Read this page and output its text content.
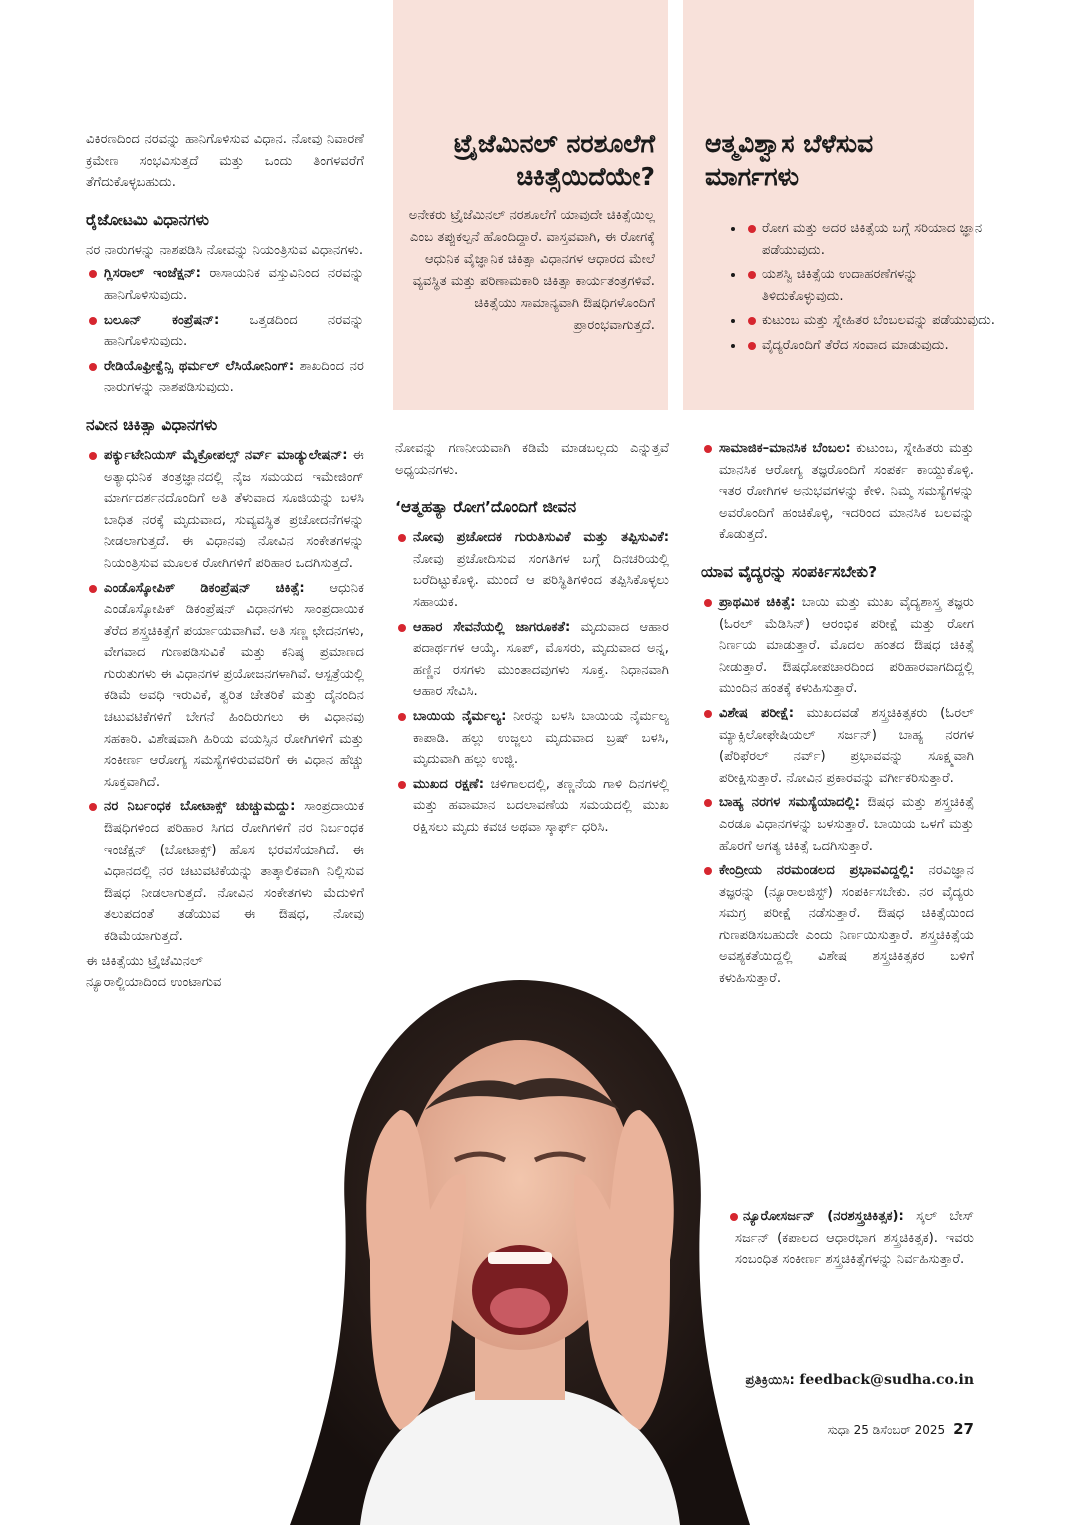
ಟ್ರೈಜೆಮಿನಲ್ ನರಶೂಲೆಗೆ ಚಿಕಿತ್ಸೆಯಿದೆಯೇ?

ಅನೇಕರು ಟ್ರೈಜೆಮಿನಲ್ ನರಶೂಲೆಗೆ ಯಾವುದೇ ಚಿಕಿತ್ಸೆಯಿಲ್ಲ ಎಂಬ ತಪ್ಪುಕಲ್ಪನೆ ಹೊಂದಿದ್ದಾರೆ. ವಾಸ್ತವವಾಗಿ, ಈ ರೋಗಕ್ಕೆ ಆಧುನಿಕ ವೈಜ್ಞಾನಿಕ ಚಿಕಿತ್ಸಾ ವಿಧಾನಗಳ ಆಧಾರದ ಮೇಲೆ ವ್ಯವಸ್ಥಿತ ಮತ್ತು ಪರಿಣಾಮಕಾರಿ ಚಿಕಿತ್ಸಾ ಕಾರ್ಯತಂತ್ರಗಳಿವೆ. ಚಿಕಿತ್ಸೆಯು ಸಾಮಾನ್ಯವಾಗಿ ಔಷಧಿಗಳೊಂದಿಗೆ ಪ್ರಾರಂಭವಾಗುತ್ತದೆ.

ಆತ್ಮವಿಶ್ವಾಸ ಬೆಳೆಸುವ ಮಾರ್ಗಗಳು
• ರೋಗ ಮತ್ತು ಅದರ ಚಿಕಿತ್ಸೆಯ ಬಗ್ಗೆ ಸರಿಯಾದ ಜ್ಞಾನ ಪಡೆಯುವುದು.
• ಯಶಸ್ವಿ ಚಿಕಿತ್ಸೆಯ ಉದಾಹರಣೆಗಳನ್ನು ತಿಳಿದುಕೊಳ್ಳುವುದು.
• ಕುಟುಂಬ ಮತ್ತು ಸ್ನೇಹಿತರ ಬೆಂಬಲವನ್ನು ಪಡೆಯುವುದು.
• ವೈದ್ಯರೊಂದಿಗೆ ತೆರೆದ ಸಂವಾದ ಮಾಡುವುದು.

ವಿಕಿರಣದಿಂದ ನರವನ್ನು ಹಾನಿಗೊಳಿಸುವ ವಿಧಾನ. ನೋವು ನಿವಾರಣೆ ಕ್ರಮೇಣ ಸಂಭವಿಸುತ್ತದೆ ಮತ್ತು ಒಂದು ತಿಂಗಳವರೆಗೆ ತೆಗೆದುಕೊಳ್ಳಬಹುದು.

ರೈಜೋಟಮಿ ವಿಧಾನಗಳು

ನರ ನಾರುಗಳನ್ನು ನಾಶಪಡಿಸಿ ನೋವನ್ನು ನಿಯಂತ್ರಿಸುವ ವಿಧಾನಗಳು.

ಗ್ಲಿಸರಾಲ್ ಇಂಜೆಕ್ಷನ್: ರಾಸಾಯನಿಕ ವಸ್ತುವಿನಿಂದ ನರವನ್ನು ಹಾನಿಗೊಳಿಸುವುದು.
ಬಲೂನ್ ಕಂಪ್ರೆಷನ್: ಒತ್ತಡದಿಂದ ನರವನ್ನು ಹಾನಿಗೊಳಿಸುವುದು.
ರೇಡಿಯೊಫ್ರೀಕ್ವೆನ್ಸಿ ಥರ್ಮಲ್ ಲೆಸಿಯೋನಿಂಗ್: ಶಾಖದಿಂದ ನರ ನಾರುಗಳನ್ನು ನಾಶಪಡಿಸುವುದು.
ನವೀನ ಚಿಕಿತ್ಸಾ ವಿಧಾನಗಳು
ಪರ್ಕ್ಯುಟೇನಿಯಸ್ ಮೈಕ್ರೋಪಲ್ಸ್ ನರ್ವ್ ಮಾಡ್ಯುಲೇಷನ್: ಈ ಅತ್ಯಾಧುನಿಕ ತಂತ್ರಜ್ಞಾನದಲ್ಲಿ ನೈಜ ಸಮಯದ ಇಮೇಜಿಂಗ್ ಮಾರ್ಗದರ್ಶನದೊಂದಿಗೆ ಅತಿ ತೆಳುವಾದ ಸೂಜಿಯನ್ನು ಬಳಸಿ ಬಾಧಿತ ನರಕ್ಕೆ ಮೃದುವಾದ, ಸುವ್ಯವಸ್ಥಿತ ಪ್ರಚೋದನೆಗಳನ್ನು ನೀಡಲಾಗುತ್ತದೆ. ಈ ವಿಧಾನವು ನೋವಿನ ಸಂಕೇತಗಳನ್ನು ನಿಯಂತ್ರಿಸುವ ಮೂಲಕ ರೋಗಿಗಳಿಗೆ ಪರಿಹಾರ ಒದಗಿಸುತ್ತದೆ.
ಎಂಡೊಸ್ಕೋಪಿಕ್ ಡಿಕಂಪ್ರೆಷನ್ ಚಿಕಿತ್ಸೆ: ಆಧುನಿಕ ಎಂಡೊಸ್ಕೋಪಿಕ್ ಡಿಕಂಪ್ರೆಷನ್ ವಿಧಾನಗಳು ಸಾಂಪ್ರದಾಯಿಕ ತೆರೆದ ಶಸ್ತ್ರಚಿಕಿತ್ಸೆಗೆ ಪರ್ಯಾಯವಾಗಿವೆ. ಅತಿ ಸಣ್ಣ ಛೇದನಗಳು, ವೇಗವಾದ ಗುಣಪಡಿಸುವಿಕೆ ಮತ್ತು ಕನಿಷ್ಠ ಪ್ರಮಾಣದ ಗುರುತುಗಳು ಈ ವಿಧಾನಗಳ ಪ್ರಯೋಜನಗಳಾಗಿವೆ. ಆಸ್ಪತ್ರೆಯಲ್ಲಿ ಕಡಿಮೆ ಅವಧಿ ಇರುವಿಕೆ, ತ್ವರಿತ ಚೇತರಿಕೆ ಮತ್ತು ದೈನಂದಿನ ಚಟುವಟಿಕೆಗಳಿಗೆ ಬೇಗನೆ ಹಿಂದಿರುಗಲು ಈ ವಿಧಾನವು ಸಹಕಾರಿ. ವಿಶೇಷವಾಗಿ ಹಿರಿಯ ವಯಸ್ಸಿನ ರೋಗಿಗಳಿಗೆ ಮತ್ತು ಸಂಕೀರ್ಣ ಆರೋಗ್ಯ ಸಮಸ್ಯೆಗಳಿರುವವರಿಗೆ ಈ ವಿಧಾನ ಹೆಚ್ಚು ಸೂಕ್ತವಾಗಿದೆ.
ನರ ನಿರ್ಬಂಧಕ ಬೋಟಾಕ್ಸ್ ಚುಚ್ಚುಮದ್ದು: ಸಾಂಪ್ರದಾಯಿಕ ಔಷಧಿಗಳಿಂದ ಪರಿಹಾರ ಸಿಗದ ರೋಗಿಗಳಿಗೆ ನರ ನಿರ್ಬಂಧಕ ಇಂಜೆಕ್ಷನ್ (ಬೋಟಾಕ್ಸ್) ಹೊಸ ಭರವಸೆಯಾಗಿದೆ. ಈ ವಿಧಾನದಲ್ಲಿ ನರ ಚಟುವಟಿಕೆಯನ್ನು ತಾತ್ಕಾಲಿಕವಾಗಿ ನಿಲ್ಲಿಸುವ ಔಷಧ ನೀಡಲಾಗುತ್ತದೆ. ನೋವಿನ ಸಂಕೇತಗಳು ಮೆದುಳಿಗೆ ತಲುಪದಂತೆ ತಡೆಯುವ ಈ ಔಷಧ, ನೋವು ಕಡಿಮೆಯಾಗುತ್ತದೆ.

ಈ ಚಿಕಿತ್ಸೆಯು ಟ್ರೈಜೆಮಿನಲ್ ನ್ಯೂರಾಲ್ಜಿಯಾದಿಂದ ಉಂಟಾಗುವ

ನೋವನ್ನು ಗಣನೀಯವಾಗಿ ಕಡಿಮೆ ಮಾಡಬಲ್ಲದು ಎನ್ನುತ್ತವೆ ಅಧ್ಯಯನಗಳು.

‘ಆತ್ಮಹತ್ಯಾ ರೋಗ’ದೊಂದಿಗೆ ಜೀವನ
ನೋವು ಪ್ರಚೋದಕ ಗುರುತಿಸುವಿಕೆ ಮತ್ತು ತಪ್ಪಿಸುವಿಕೆ: ನೋವು ಪ್ರಚೋದಿಸುವ ಸಂಗತಿಗಳ ಬಗ್ಗೆ ದಿನಚರಿಯಲ್ಲಿ ಬರೆದಿಟ್ಟುಕೊಳ್ಳಿ. ಮುಂದೆ ಆ ಪರಿಸ್ಥಿತಿಗಳಿಂದ ತಪ್ಪಿಸಿಕೊಳ್ಳಲು ಸಹಾಯಕ.
ಆಹಾರ ಸೇವನೆಯಲ್ಲಿ ಜಾಗರೂಕತೆ: ಮೃದುವಾದ ಆಹಾರ ಪದಾರ್ಥಗಳ ಆಯ್ಕೆ. ಸೂಪ್, ಮೊಸರು, ಮೃದುವಾದ ಅನ್ನ, ಹಣ್ಣಿನ ರಸಗಳು ಮುಂತಾದವುಗಳು ಸೂಕ್ತ. ನಿಧಾನವಾಗಿ ಆಹಾರ ಸೇವಿಸಿ.
ಬಾಯಿಯ ನೈರ್ಮಲ್ಯ: ನೀರನ್ನು ಬಳಸಿ ಬಾಯಿಯ ನೈರ್ಮಲ್ಯ ಕಾಪಾಡಿ. ಹಲ್ಲು ಉಜ್ಜಲು ಮೃದುವಾದ ಬ್ರಷ್ ಬಳಸಿ, ಮೃದುವಾಗಿ ಹಲ್ಲು ಉಜ್ಜಿ.
ಮುಖದ ರಕ್ಷಣೆ: ಚಳಿಗಾಲದಲ್ಲಿ, ತಣ್ಣನೆಯ ಗಾಳಿ ದಿನಗಳಲ್ಲಿ ಮತ್ತು ಹವಾಮಾನ ಬದಲಾವಣೆಯ ಸಮಯದಲ್ಲಿ ಮುಖ ರಕ್ಷಿಸಲು ಮೃದು ಕವಚ ಅಥವಾ ಸ್ಕಾರ್ಫ್ ಧರಿಸಿ.
ಸಾಮಾಜಿಕ–ಮಾನಸಿಕ ಬೆಂಬಲ: ಕುಟುಂಬ, ಸ್ನೇಹಿತರು ಮತ್ತು ಮಾನಸಿಕ ಆರೋಗ್ಯ ತಜ್ಞರೊಂದಿಗೆ ಸಂಪರ್ಕ ಕಾಯ್ದುಕೊಳ್ಳಿ. ಇತರ ರೋಗಿಗಳ ಅನುಭವಗಳನ್ನು ಕೇಳಿ. ನಿಮ್ಮ ಸಮಸ್ಯೆಗಳನ್ನು ಅವರೊಂದಿಗೆ ಹಂಚಿಕೊಳ್ಳಿ, ಇದರಿಂದ ಮಾನಸಿಕ ಬಲವನ್ನು ಕೊಡುತ್ತದೆ.
ಯಾವ ವೈದ್ಯರನ್ನು ಸಂಪರ್ಕಿಸಬೇಕು?
ಪ್ರಾಥಮಿಕ ಚಿಕಿತ್ಸೆ: ಬಾಯಿ ಮತ್ತು ಮುಖ ವೈದ್ಯಶಾಸ್ತ್ರ ತಜ್ಞರು (ಓರಲ್ ಮೆಡಿಸಿನ್) ಆರಂಭಿಕ ಪರೀಕ್ಷೆ ಮತ್ತು ರೋಗ ನಿರ್ಣಯ ಮಾಡುತ್ತಾರೆ. ಮೊದಲ ಹಂತದ ಔಷಧ ಚಿಕಿತ್ಸೆ ನೀಡುತ್ತಾರೆ. ಔಷಧೋಪಚಾರದಿಂದ ಪರಿಹಾರವಾಗದಿದ್ದಲ್ಲಿ ಮುಂದಿನ ಹಂತಕ್ಕೆ ಕಳುಹಿಸುತ್ತಾರೆ.
ವಿಶೇಷ ಪರೀಕ್ಷೆ: ಮುಖದವಡೆ ಶಸ್ತ್ರಚಿಕಿತ್ಸಕರು (ಓರಲ್ ಮ್ಯಾಕ್ಸಿಲೋಫೇಷಿಯಲ್ ಸರ್ಜನ್) ಬಾಹ್ಯ ನರಗಳ (ಪೆರಿಫೆರಲ್ ನರ್ವ್) ಪ್ರಭಾವವನ್ನು ಸೂಕ್ಷ್ಮವಾಗಿ ಪರೀಕ್ಷಿಸುತ್ತಾರೆ. ನೋವಿನ ಪ್ರಕಾರವನ್ನು ವರ್ಗೀಕರಿಸುತ್ತಾರೆ.
ಬಾಹ್ಯ ನರಗಳ ಸಮಸ್ಯೆಯಾದಲ್ಲಿ: ಔಷಧ ಮತ್ತು ಶಸ್ತ್ರಚಿಕಿತ್ಸೆ ಎರಡೂ ವಿಧಾನಗಳನ್ನು ಬಳಸುತ್ತಾರೆ. ಬಾಯಿಯ ಒಳಗೆ ಮತ್ತು ಹೊರಗೆ ಅಗತ್ಯ ಚಿಕಿತ್ಸೆ ಒದಗಿಸುತ್ತಾರೆ.
ಕೇಂದ್ರೀಯ ನರಮಂಡಲದ ಪ್ರಭಾವವಿದ್ದಲ್ಲಿ: ನರವಿಜ್ಞಾನ ತಜ್ಞರನ್ನು (ನ್ಯೂರಾಲಜಿಸ್ಟ್) ಸಂಪರ್ಕಿಸಬೇಕು. ನರ ವೈದ್ಯರು ಸಮಗ್ರ ಪರೀಕ್ಷೆ ನಡೆಸುತ್ತಾರೆ. ಔಷಧ ಚಿಕಿತ್ಸೆಯಿಂದ ಗುಣಪಡಿಸಬಹುದೇ ಎಂದು ನಿರ್ಣಯಿಸುತ್ತಾರೆ. ಶಸ್ತ್ರಚಿಕಿತ್ಸೆಯ ಅವಶ್ಯಕತೆಯಿದ್ದಲ್ಲಿ ವಿಶೇಷ ಶಸ್ತ್ರಚಿಕಿತ್ಸಕರ ಬಳಿಗೆ ಕಳುಹಿಸುತ್ತಾರೆ.
ನ್ಯೂರೋಸರ್ಜನ್ (ನರಶಸ್ತ್ರಚಿಕಿತ್ಸಕ): ಸ್ಕಲ್ ಬೇಸ್ ಸರ್ಜನ್ (ಕಪಾಲದ ಆಧಾರಭಾಗ ಶಸ್ತ್ರಚಿಕಿತ್ಸಕ). ಇವರು ಸಂಬಂಧಿತ ಸಂಕೀರ್ಣ ಶಸ್ತ್ರಚಿಕಿತ್ಸೆಗಳನ್ನು ನಿರ್ವಹಿಸುತ್ತಾರೆ.
ಪ್ರತಿಕ್ರಿಯಿಸಿ: feedback@sudha.co.in
ಸುಧಾ 25 ಡಿಸೆಂಬರ್ 2025 27
